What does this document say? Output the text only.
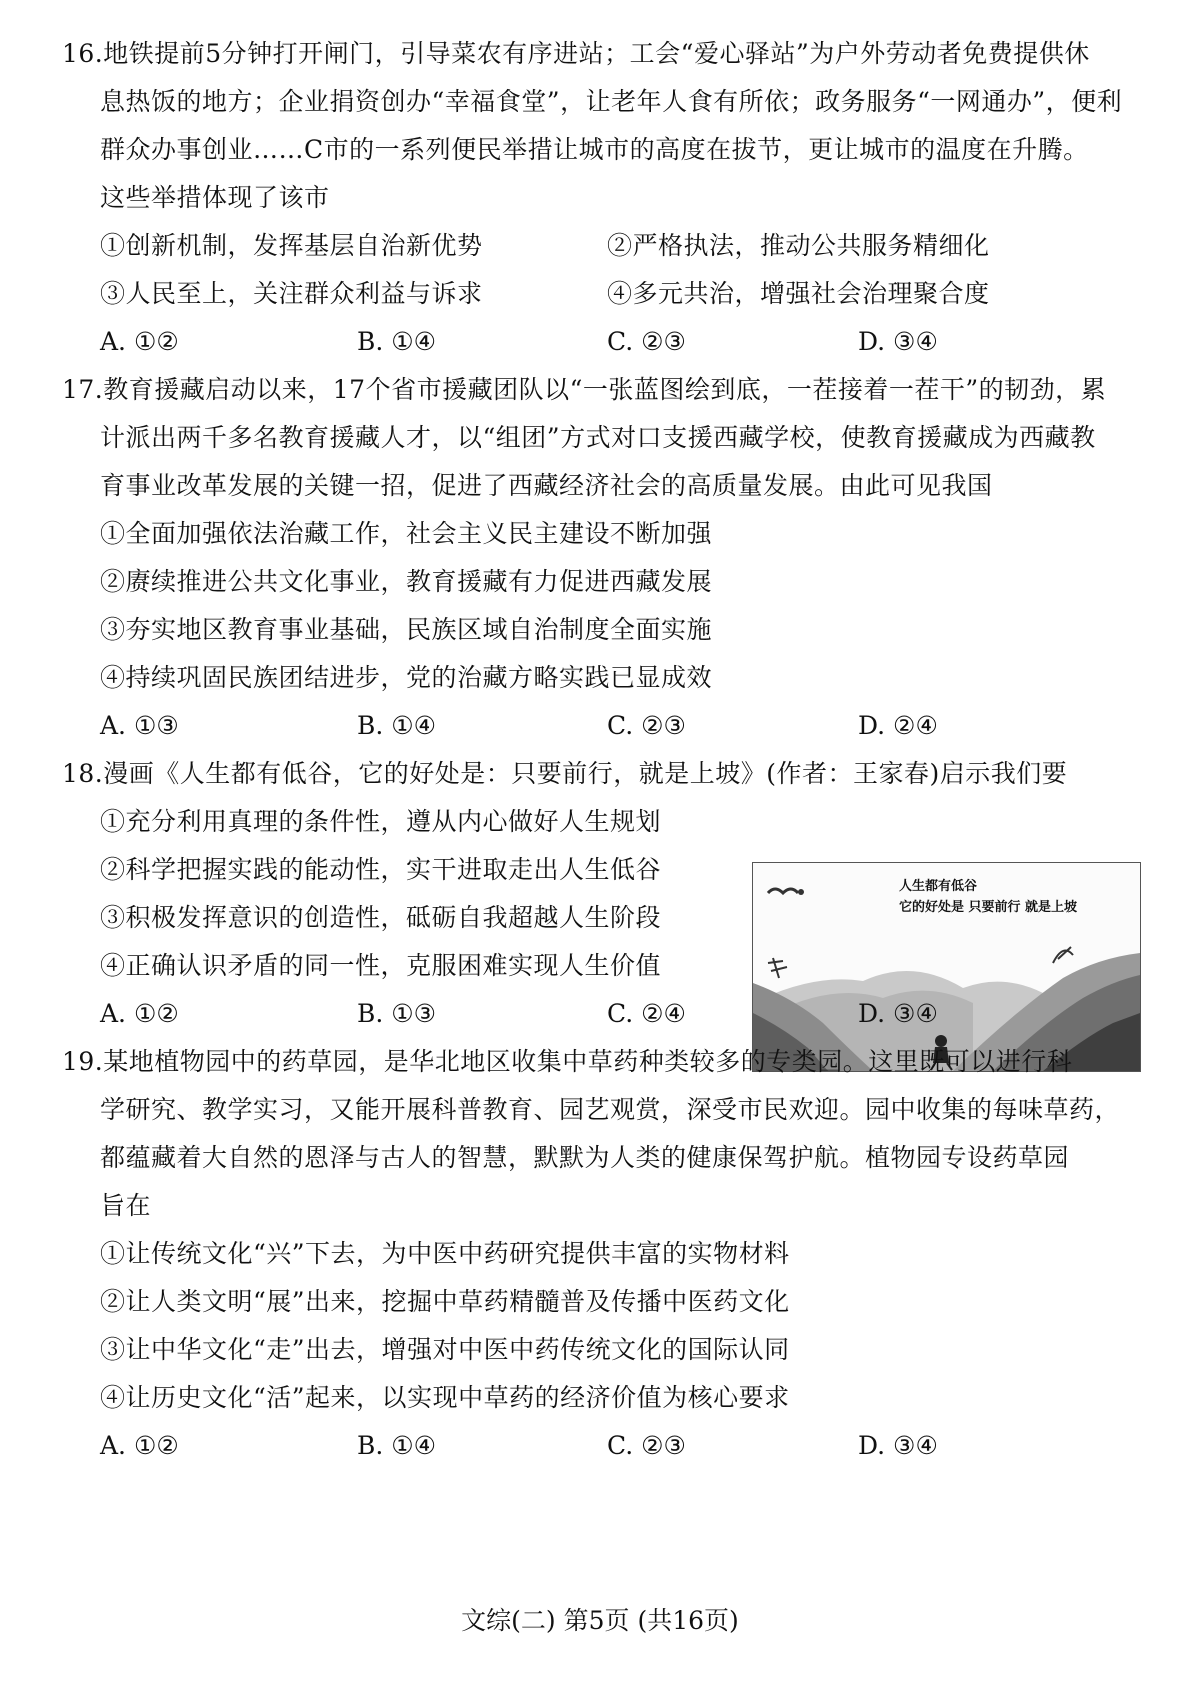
16.地铁提前5分钟打开闸门，引导菜农有序进站；工会“爱心驿站”为户外劳动者免费提供休
息热饭的地方；企业捐资创办“幸福食堂”，让老年人食有所依；政务服务“一网通办”，便利
群众办事创业……C市的一系列便民举措让城市的高度在拔节，更让城市的温度在升腾。
这些举措体现了该市
①创新机制，发挥基层自治新优势	②严格执法，推动公共服务精细化
③人民至上，关注群众利益与诉求	④多元共治，增强社会治理聚合度
A. ①②	B. ①④	C. ②③	D. ③④
17.教育援藏启动以来，17个省市援藏团队以“一张蓝图绘到底，一茬接着一茬干”的韧劲，累
计派出两千多名教育援藏人才，以“组团”方式对口支援西藏学校，使教育援藏成为西藏教
育事业改革发展的关键一招，促进了西藏经济社会的高质量发展。由此可见我国
①全面加强依法治藏工作，社会主义民主建设不断加强
②赓续推进公共文化事业，教育援藏有力促进西藏发展
③夯实地区教育事业基础，民族区域自治制度全面实施
④持续巩固民族团结进步，党的治藏方略实践已显成效
A. ①③	B. ①④	C. ②③	D. ②④
18.漫画《人生都有低谷，它的好处是：只要前行，就是上坡》(作者：王家春)启示我们要
①充分利用真理的条件性，遵从内心做好人生规划
②科学把握实践的能动性，实干进取走出人生低谷
③积极发挥意识的创造性，砥砺自我超越人生阶段
④正确认识矛盾的同一性，克服困难实现人生价值
人生都有低谷
它的好处是 只要前行 就是上坡
A. ①②	B. ①③	C. ②④	D. ③④
19.某地植物园中的药草园，是华北地区收集中草药种类较多的专类园。这里既可以进行科
学研究、教学实习，又能开展科普教育、园艺观赏，深受市民欢迎。园中收集的每味草药，
都蕴藏着大自然的恩泽与古人的智慧，默默为人类的健康保驾护航。植物园专设药草园
旨在
①让传统文化“兴”下去，为中医中药研究提供丰富的实物材料
②让人类文明“展”出来，挖掘中草药精髓普及传播中医药文化
③让中华文化“走”出去，增强对中医中药传统文化的国际认同
④让历史文化“活”起来，以实现中草药的经济价值为核心要求
A. ①②	B. ①④	C. ②③	D. ③④
文综(二) 第5页 (共16页)
